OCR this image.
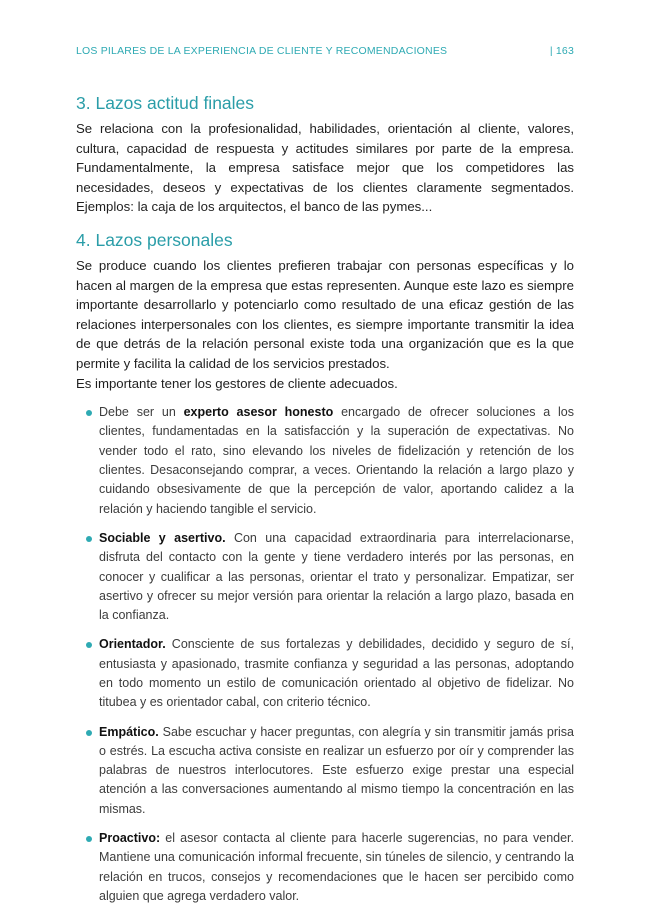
LOS PILARES DE LA EXPERIENCIA DE CLIENTE Y RECOMENDACIONES	| 163
3. Lazos actitud finales

Se relaciona con la profesionalidad, habilidades, orientación al cliente, valores, cultura, capacidad de respuesta y actitudes similares por parte de la empresa. Fundamentalmente, la empresa satisface mejor que los competidores las necesidades, deseos y expectativas de los clientes claramente segmentados. Ejemplos: la caja de los arquitectos, el banco de las pymes...

4. Lazos personales

Se produce cuando los clientes prefieren trabajar con personas específicas y lo hacen al margen de la empresa que estas representen. Aunque este lazo es siempre importante desarrollarlo y potenciarlo como resultado de una eficaz gestión de las relaciones interpersonales con los clientes, es siempre importante transmitir la idea de que detrás de la relación personal existe toda una organización que es la que permite y facilita la calidad de los servicios prestados.

Es importante tener los gestores de cliente adecuados.

Debe ser un experto asesor honesto encargado de ofrecer soluciones a los clientes, fundamentadas en la satisfacción y la superación de expectativas. No vender todo el rato, sino elevando los niveles de fidelización y retención de los clientes. Desaconsejando comprar, a veces. Orientando la relación a largo plazo y cuidando obsesivamente de que la percepción de valor, aportando calidez a la relación y haciendo tangible el servicio.
Sociable y asertivo. Con una capacidad extraordinaria para interrelacionarse, disfruta del contacto con la gente y tiene verdadero interés por las personas, en conocer y cualificar a las personas, orientar el trato y personalizar. Empatizar, ser asertivo y ofrecer su mejor versión para orientar la relación a largo plazo, basada en la confianza.
Orientador. Consciente de sus fortalezas y debilidades, decidido y seguro de sí, entusiasta y apasionado, trasmite confianza y seguridad a las personas, adoptando en todo momento un estilo de comunicación orientado al objetivo de fidelizar. No titubea y es orientador cabal, con criterio técnico.
Empático. Sabe escuchar y hacer preguntas, con alegría y sin transmitir jamás prisa o estrés. La escucha activa consiste en realizar un esfuerzo por oír y comprender las palabras de nuestros interlocutores. Este esfuerzo exige prestar una especial atención a las conversaciones aumentando al mismo tiempo la concentración en las mismas.
Proactivo: el asesor contacta al cliente para hacerle sugerencias, no para vender. Mantiene una comunicación informal frecuente, sin túneles de silencio, y centrando la relación en trucos, consejos y recomendaciones que le hacen ser percibido como alguien que agrega verdadero valor.
